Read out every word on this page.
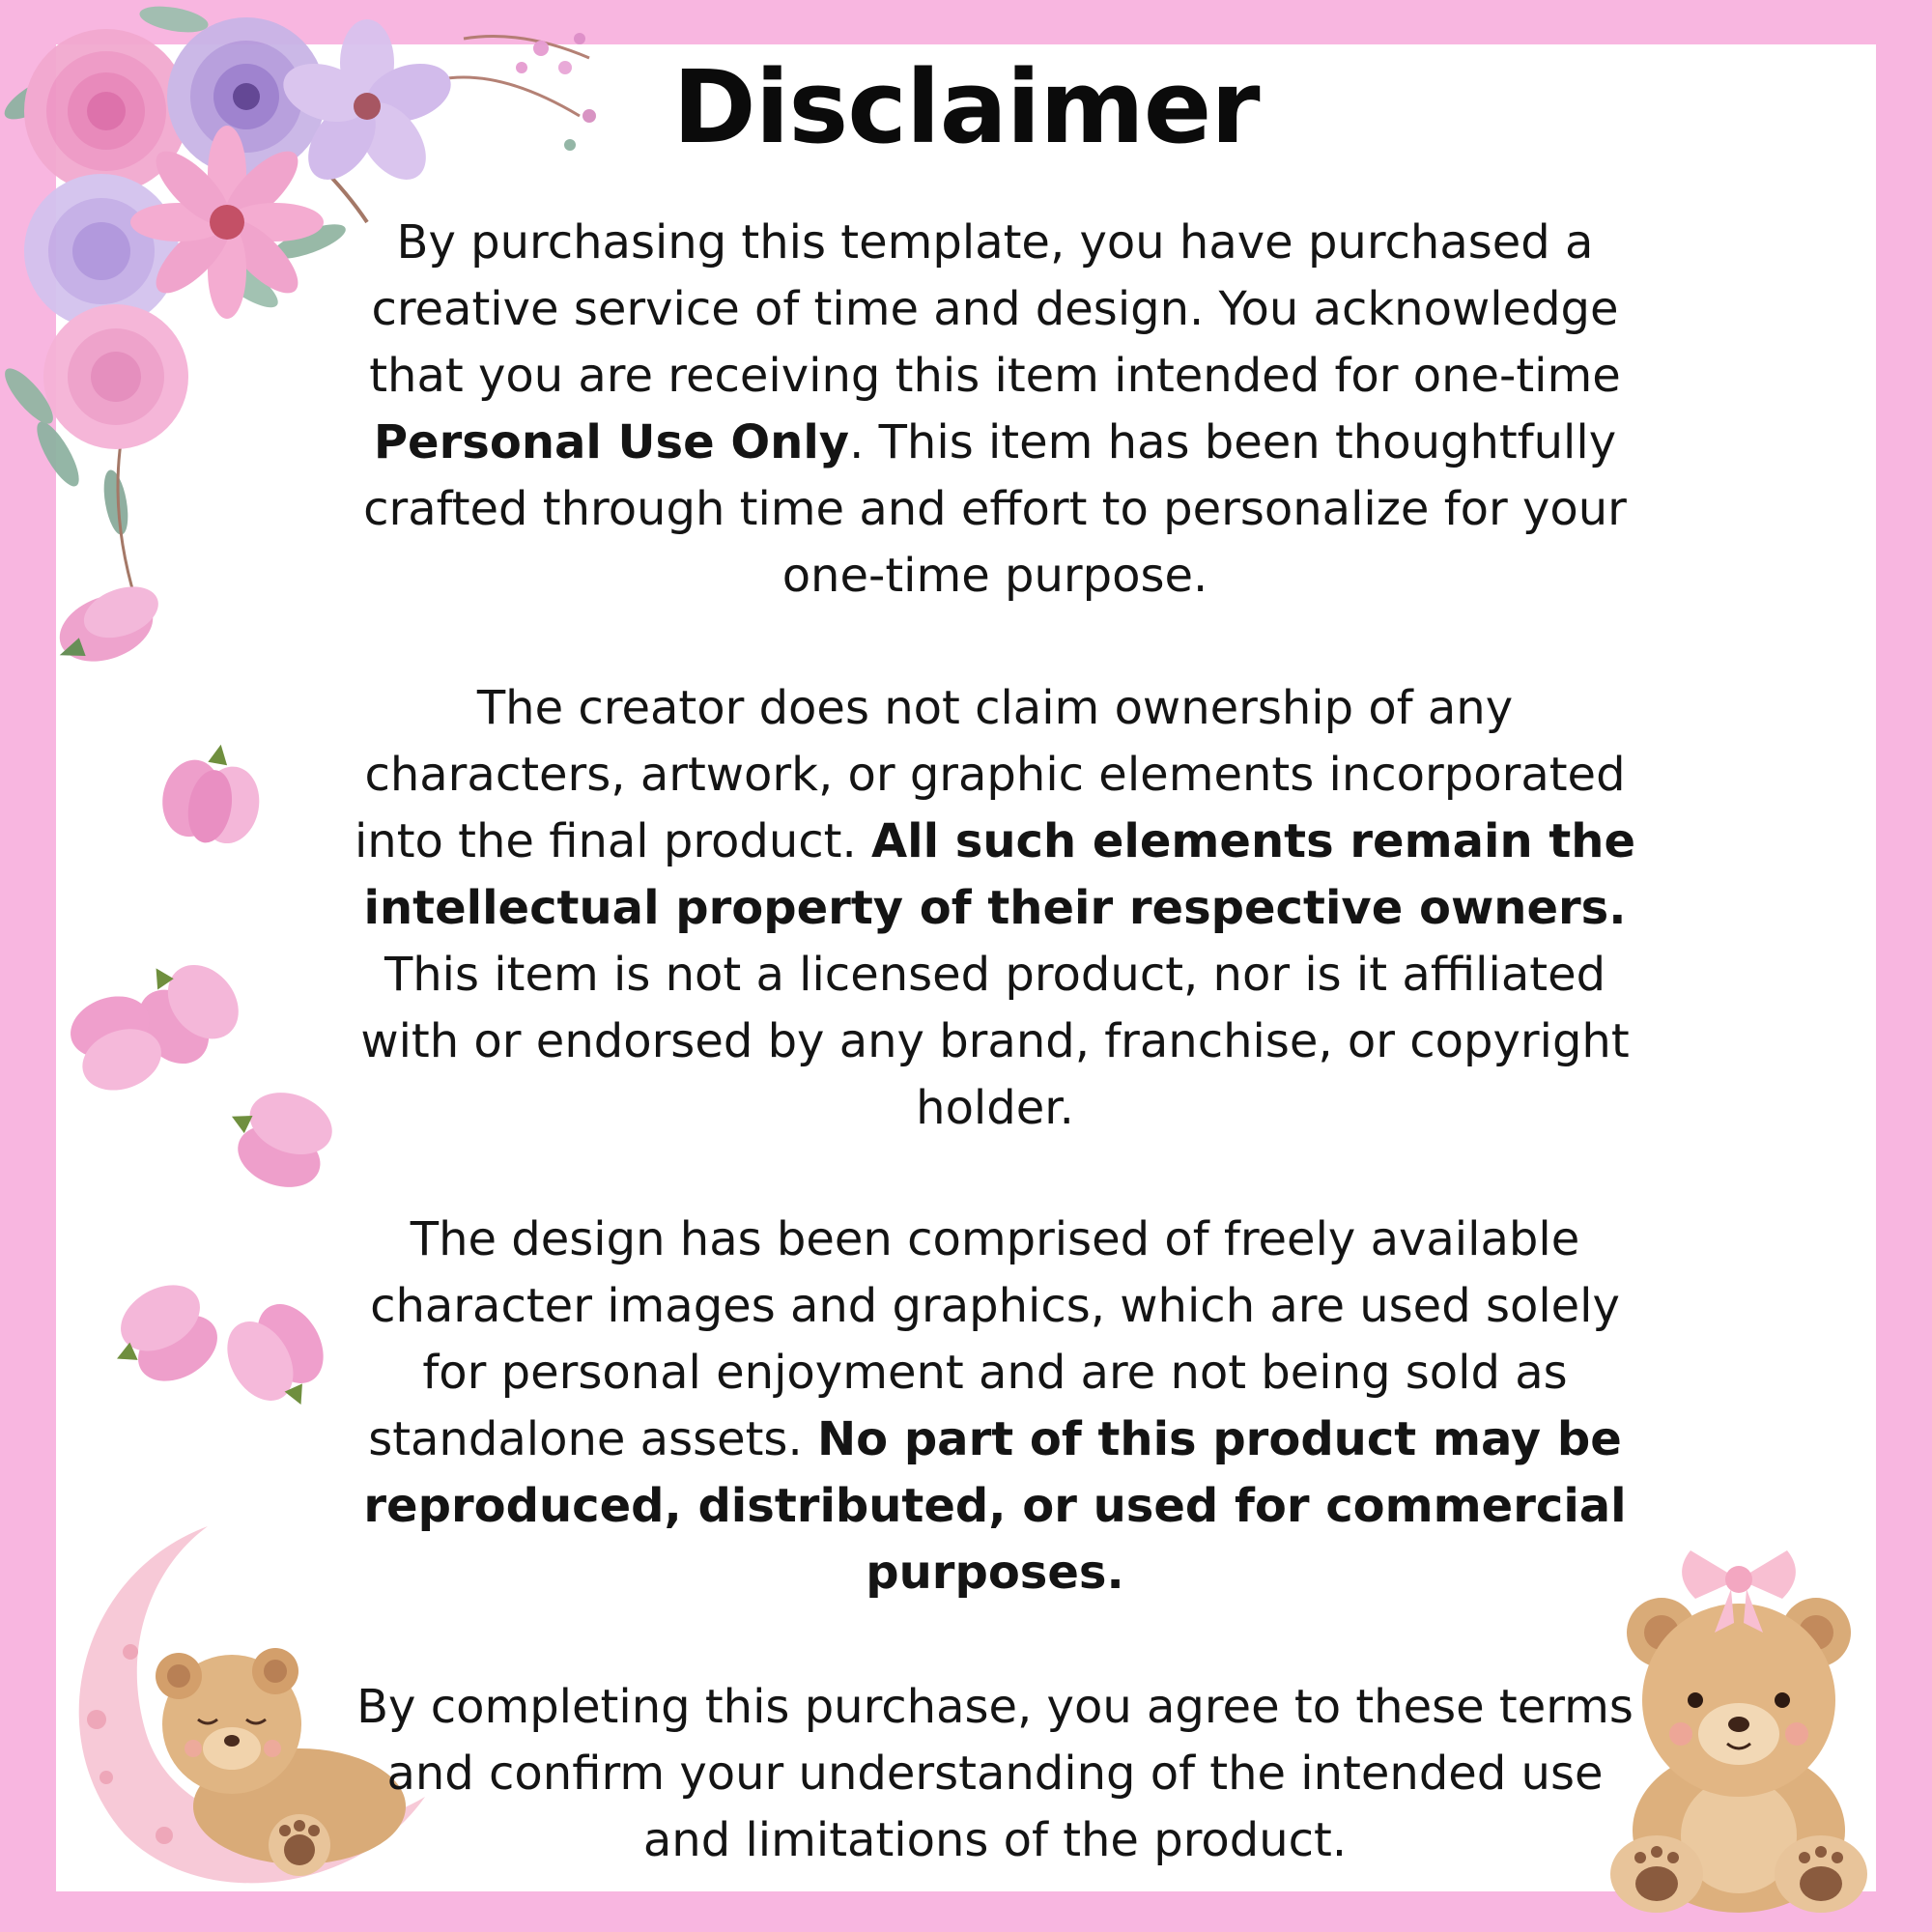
Disclaimer

By purchasing this template, you have purchased a creative service of time and design. You acknowledge that you are receiving this item intended for one-time Personal Use Only. This item has been thoughtfully crafted through time and effort to personalize for your one-time purpose.

The creator does not claim ownership of any characters, artwork, or graphic elements incorporated into the final product. All such elements remain the intellectual property of their respective owners. This item is not a licensed product, nor is it affiliated with or endorsed by any brand, franchise, or copyright holder.

The design has been comprised of freely available character images and graphics, which are used solely for personal enjoyment and are not being sold as standalone assets. No part of this product may be reproduced, distributed, or used for commercial purposes.

By completing this purchase, you agree to these terms and confirm your understanding of the intended use and limitations of the product.
